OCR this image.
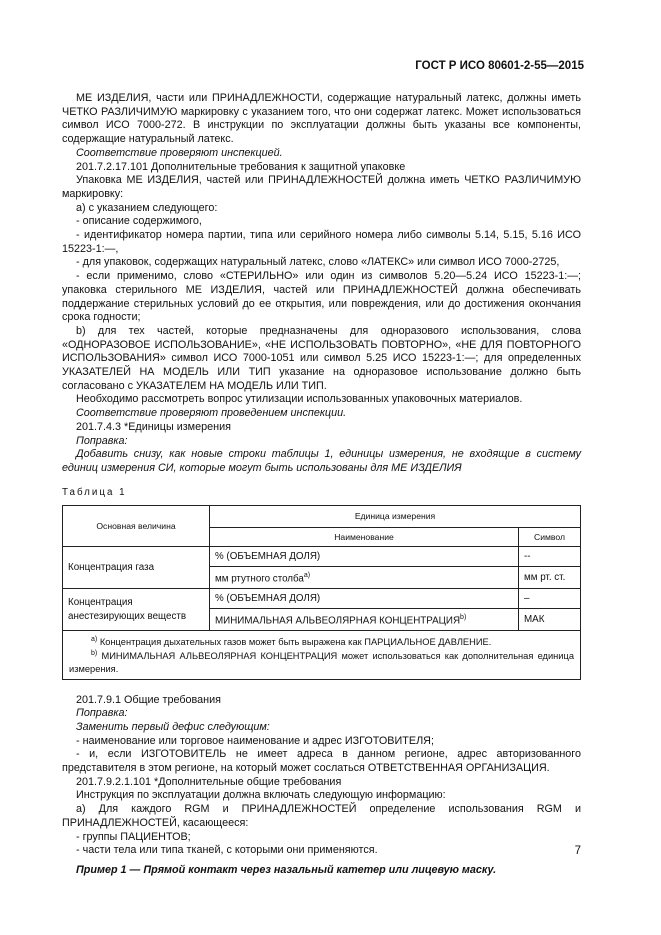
ГОСТ Р ИСО 80601-2-55—2015

МЕ ИЗДЕЛИЯ, части или ПРИНАДЛЕЖНОСТИ, содержащие натуральный латекс, должны иметь ЧЕТКО РАЗЛИЧИМУЮ маркировку с указанием того, что они содержат латекс. Может использоваться символ ИСО 7000-272. В инструкции по эксплуатации должны быть указаны все компоненты, содержащие натуральный латекс.

Соответствие проверяют инспекцией.

201.7.2.17.101 Дополнительные требования к защитной упаковке

Упаковка МЕ ИЗДЕЛИЯ, частей или ПРИНАДЛЕЖНОСТЕЙ должна иметь ЧЕТКО РАЗЛИЧИМУЮ маркировку:

a) с указанием следующего:

- описание содержимого,

- идентификатор номера партии, типа или серийного номера либо символы 5.14, 5.15, 5.16 ИСО 15223-1:—,

- для упаковок, содержащих натуральный латекс, слово «ЛАТЕКС» или символ ИСО 7000-2725,

- если применимо, слово «СТЕРИЛЬНО» или один из символов 5.20—5.24 ИСО 15223-1:—; упаковка стерильного МЕ ИЗДЕЛИЯ, частей или ПРИНАДЛЕЖНОСТЕЙ должна обеспечивать поддержание стерильных условий до ее открытия, или повреждения, или до достижения окончания срока годности;

b) для тех частей, которые предназначены для одноразового использования, слова «ОДНОРАЗОВОЕ ИСПОЛЬЗОВАНИЕ», «НЕ ИСПОЛЬЗОВАТЬ ПОВТОРНО», «НЕ ДЛЯ ПОВТОРНОГО ИСПОЛЬЗОВАНИЯ» символ ИСО 7000-1051 или символ 5.25 ИСО 15223-1:—; для определенных УКАЗАТЕЛЕЙ НА МОДЕЛЬ ИЛИ ТИП указание на одноразовое использование должно быть согласовано с УКАЗАТЕЛЕМ НА МОДЕЛЬ ИЛИ ТИП.

Необходимо рассмотреть вопрос утилизации использованных упаковочных материалов.

Соответствие проверяют проведением инспекции.

201.7.4.3 *Единицы измерения

Поправка:

Добавить снизу, как новые строки таблицы 1, единицы измерения, не входящие в систему единиц измерения СИ, которые могут быть использованы для МЕ ИЗДЕЛИЯ

Таблица 1

Основная величина	Единица измерения	
	Наименование	Символ
Концентрация газа	% (ОБЪЕМНАЯ ДОЛЯ)	--
	мм ртутного столба$^{a)}$	мм рт. ст.
Концентрация анестезирующих веществ	% (ОБЪЕМНАЯ ДОЛЯ)	–
	МИНИМАЛЬНАЯ АЛЬВЕОЛЯРНАЯ КОНЦЕНТРАЦИЯ$^{b)}$	МАК

$^{a)}$ Концентрация дыхательных газов может быть выражена как ПАРЦИАЛЬНОЕ ДАВЛЕНИЕ.
$^{b)}$ МИНИМАЛЬНАЯ АЛЬВЕОЛЯРНАЯ КОНЦЕНТРАЦИЯ может использоваться как дополнительная единица измерения.		

201.7.9.1 Общие требования

Поправка:

Заменить первый дефис следующим:

- наименование или торговое наименование и адрес ИЗГОТОВИТЕЛЯ;

- и, если ИЗГОТОВИТЕЛЬ не имеет адреса в данном регионе, адрес авторизованного представителя в этом регионе, на который может сослаться ОТВЕТСТВЕННАЯ ОРГАНИЗАЦИЯ.

201.7.9.2.1.101 *Дополнительные общие требования

Инструкция по эксплуатации должна включать следующую информацию:

a) Для каждого RGM и ПРИНАДЛЕЖНОСТЕЙ определение использования RGM и ПРИНАДЛЕЖНОСТЕЙ, касающееся:

- группы ПАЦИЕНТОВ;

- части тела или типа тканей, с которыми они применяются.

Пример 1 — Прямой контакт через назальный катетер или лицевую маску.

7
